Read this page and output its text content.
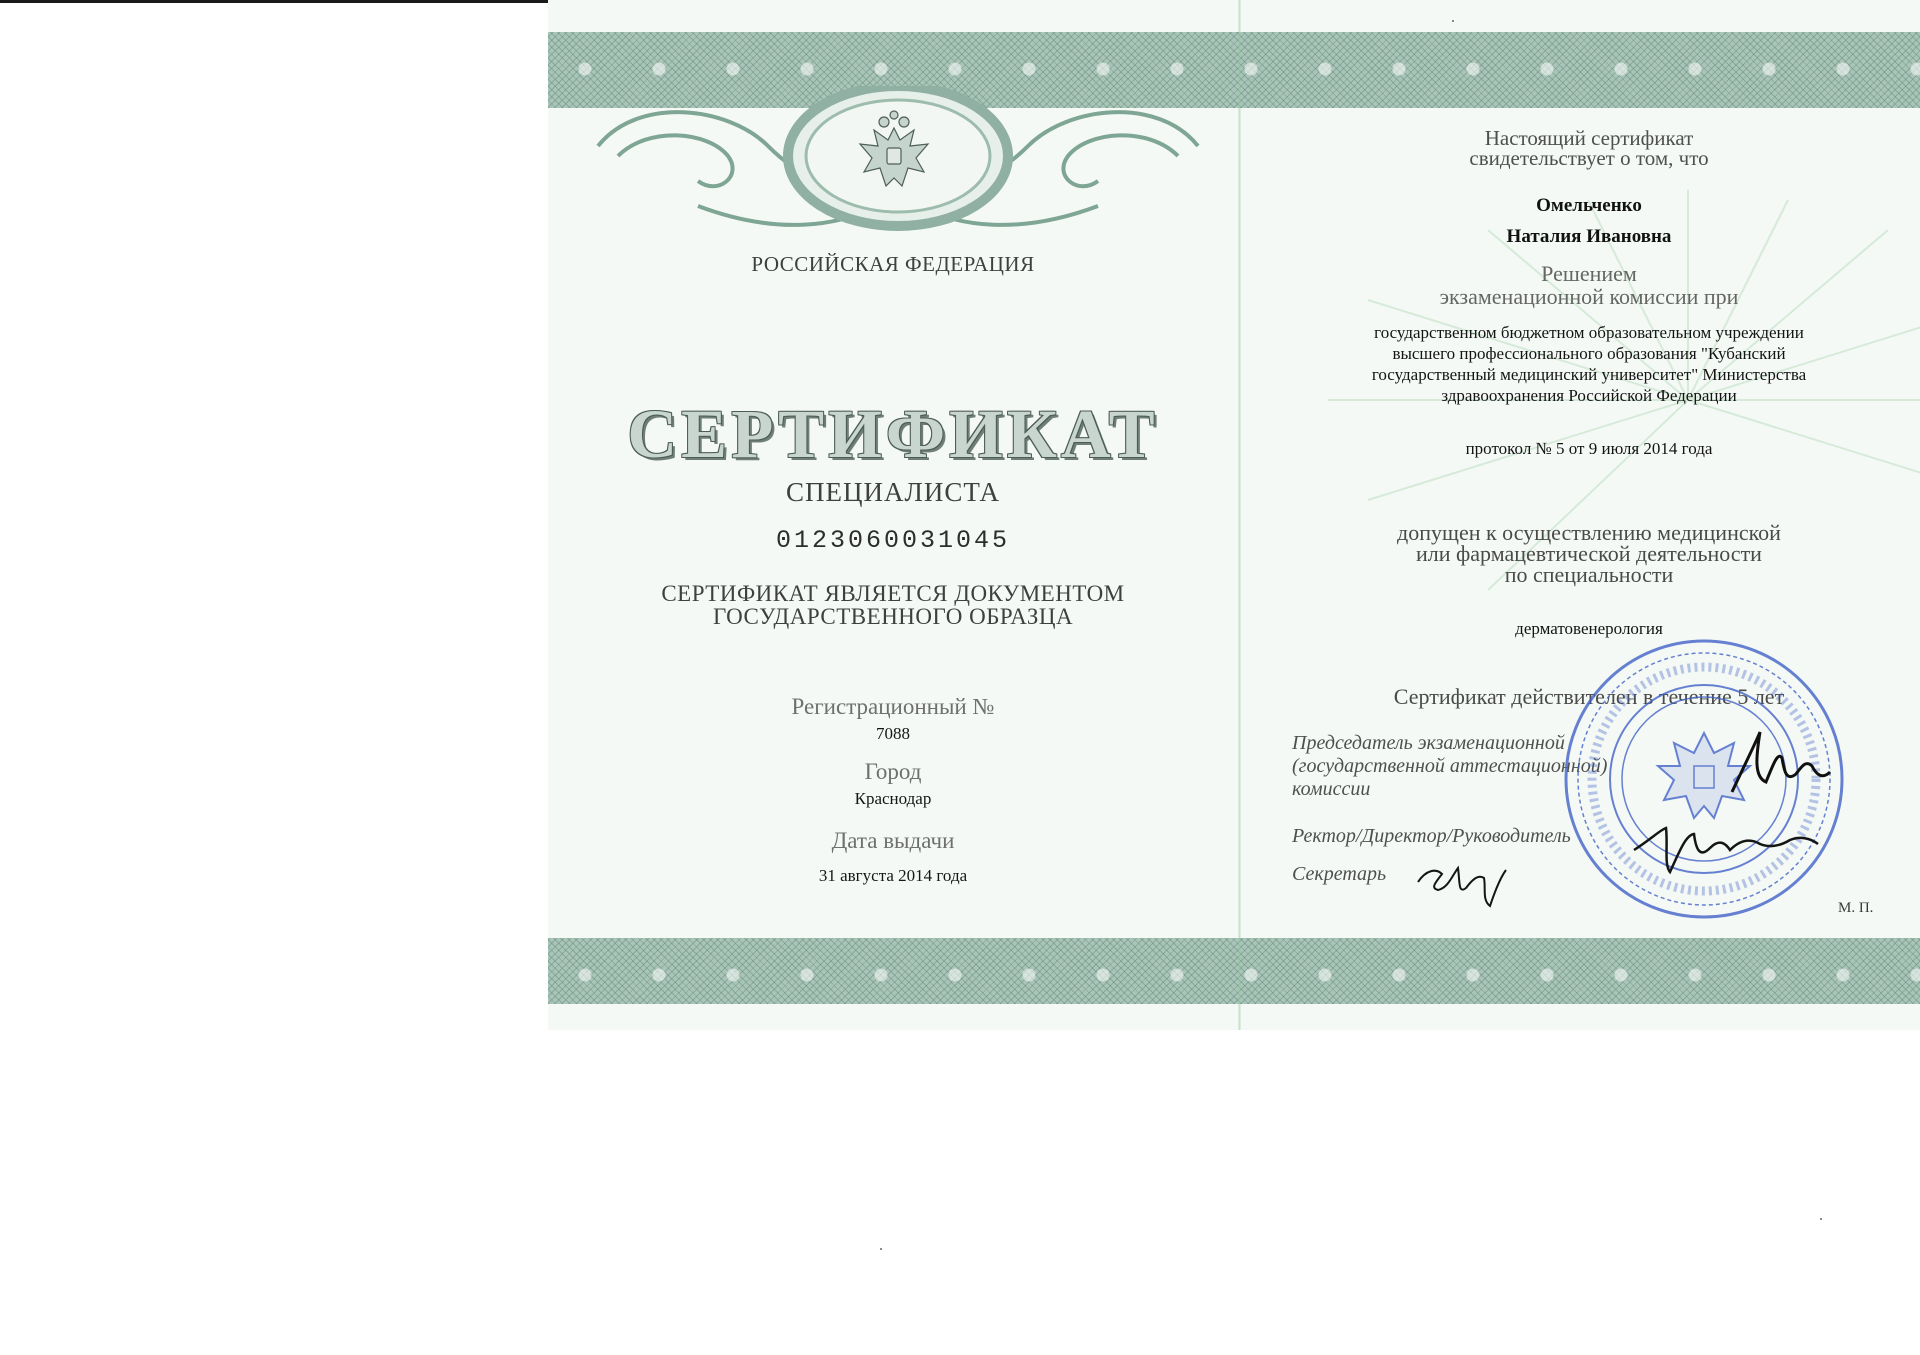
РОССИЙСКАЯ ФЕДЕРАЦИЯ
СЕРТИФИКАТ
СПЕЦИАЛИСТА
0123060031045
СЕРТИФИКАТ ЯВЛЯЕТСЯ ДОКУМЕНТОМ
ГОСУДАРСТВЕННОГО ОБРАЗЦА
Регистрационный №
7088
Город
Краснодар
Дата выдачи
31 августа 2014 года
Настоящий сертификат
свидетельствует о том, что
Омельченко
Наталия Ивановна
Решением
экзаменационной комиссии при
государственном бюджетном образовательном учреждении
высшего профессионального образования "Кубанский
государственный медицинский университет" Министерства
здравоохранения Российской Федерации
протокол № 5 от 9 июля 2014 года
допущен к осуществлению медицинской
или фармацевтической деятельности
по специальности
дерматовенерология
Сертификат действителен в течение 5 лет
Председатель экзаменационной
(государственной аттестационной)
комиссии
Ректор/Директор/Руководитель
Секретарь
М. П.
